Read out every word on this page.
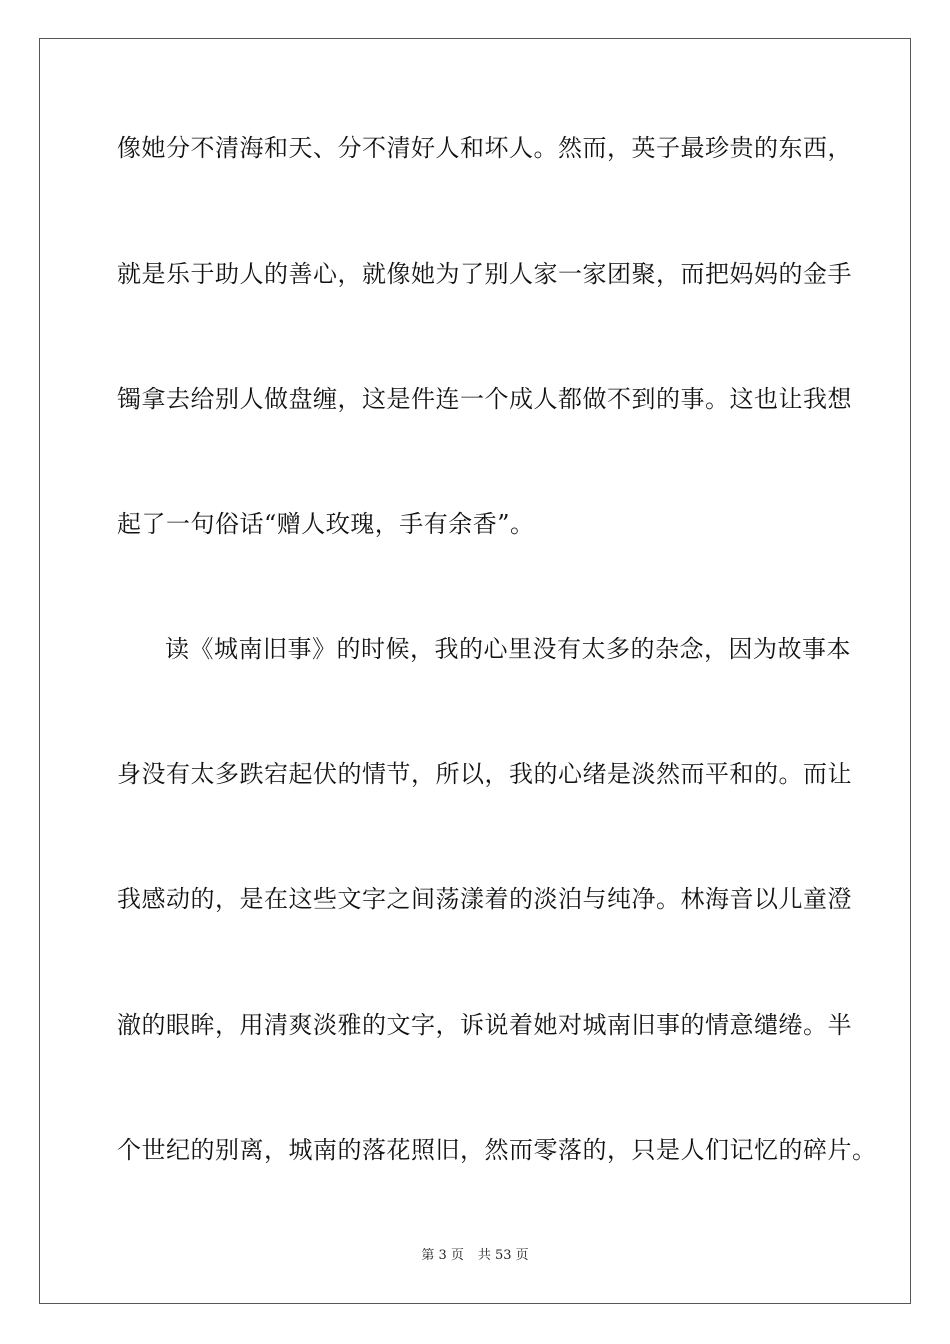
像她分不清海和天、分不清好人和坏人。然而，英子最珍贵的东西，
就是乐于助人的善心，就像她为了别人家一家团聚，而把妈妈的金手
镯拿去给别人做盘缠，这是件连一个成人都做不到的事。这也让我想
起了一句俗话“赠人玫瑰，手有余香”。
读《城南旧事》的时候，我的心里没有太多的杂念，因为故事本
身没有太多跌宕起伏的情节，所以，我的心绪是淡然而平和的。而让
我感动的，是在这些文字之间荡漾着的淡泊与纯净。林海音以儿童澄
澈的眼眸，用清爽淡雅的文字，诉说着她对城南旧事的情意缱绻。半
个世纪的别离，城南的落花照旧，然而零落的，只是人们记忆的碎片。
第 3 页 共 53 页
